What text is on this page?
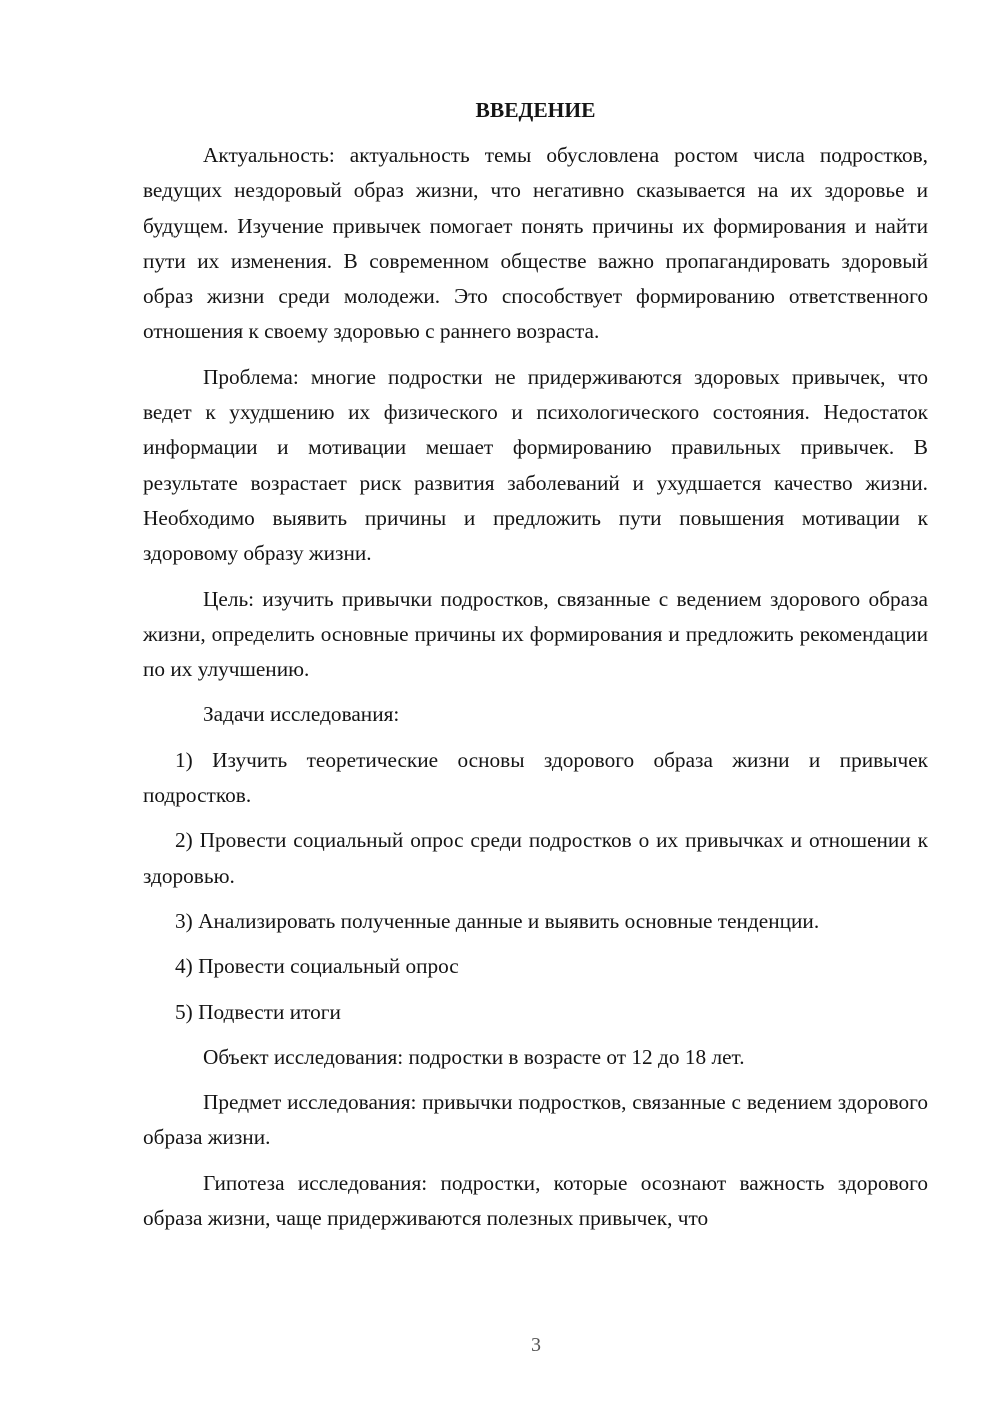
ВВЕДЕНИЕ

Актуальность: актуальность темы обусловлена ростом числа подростков, ведущих нездоровый образ жизни, что негативно сказывается на их здоровье и будущем. Изучение привычек помогает понять причины их формирования и найти пути их изменения. В современном обществе важно пропагандировать здоровый образ жизни среди молодежи. Это способствует формированию ответственного отношения к своему здоровью с раннего возраста.

Проблема: многие подростки не придерживаются здоровых привычек, что ведет к ухудшению их физического и психологического состояния. Недостаток информации и мотивации мешает формированию правильных привычек. В результате возрастает риск развития заболеваний и ухудшается качество жизни. Необходимо выявить причины и предложить пути повышения мотивации к здоровому образу жизни.

Цель: изучить привычки подростков, связанные с ведением здорового образа жизни, определить основные причины их формирования и предложить рекомендации по их улучшению.

Задачи исследования:

1) Изучить теоретические основы здорового образа жизни и привычек подростков.

2) Провести социальный опрос среди подростков о их привычках и отношении к здоровью.

3) Анализировать полученные данные и выявить основные тенденции.

4) Провести социальный опрос

5) Подвести итоги

Объект исследования: подростки в возрасте от 12 до 18 лет.

Предмет исследования: привычки подростков, связанные с ведением здорового образа жизни.

Гипотеза исследования: подростки, которые осознают важность здорового образа жизни, чаще придерживаются полезных привычек, что

3
